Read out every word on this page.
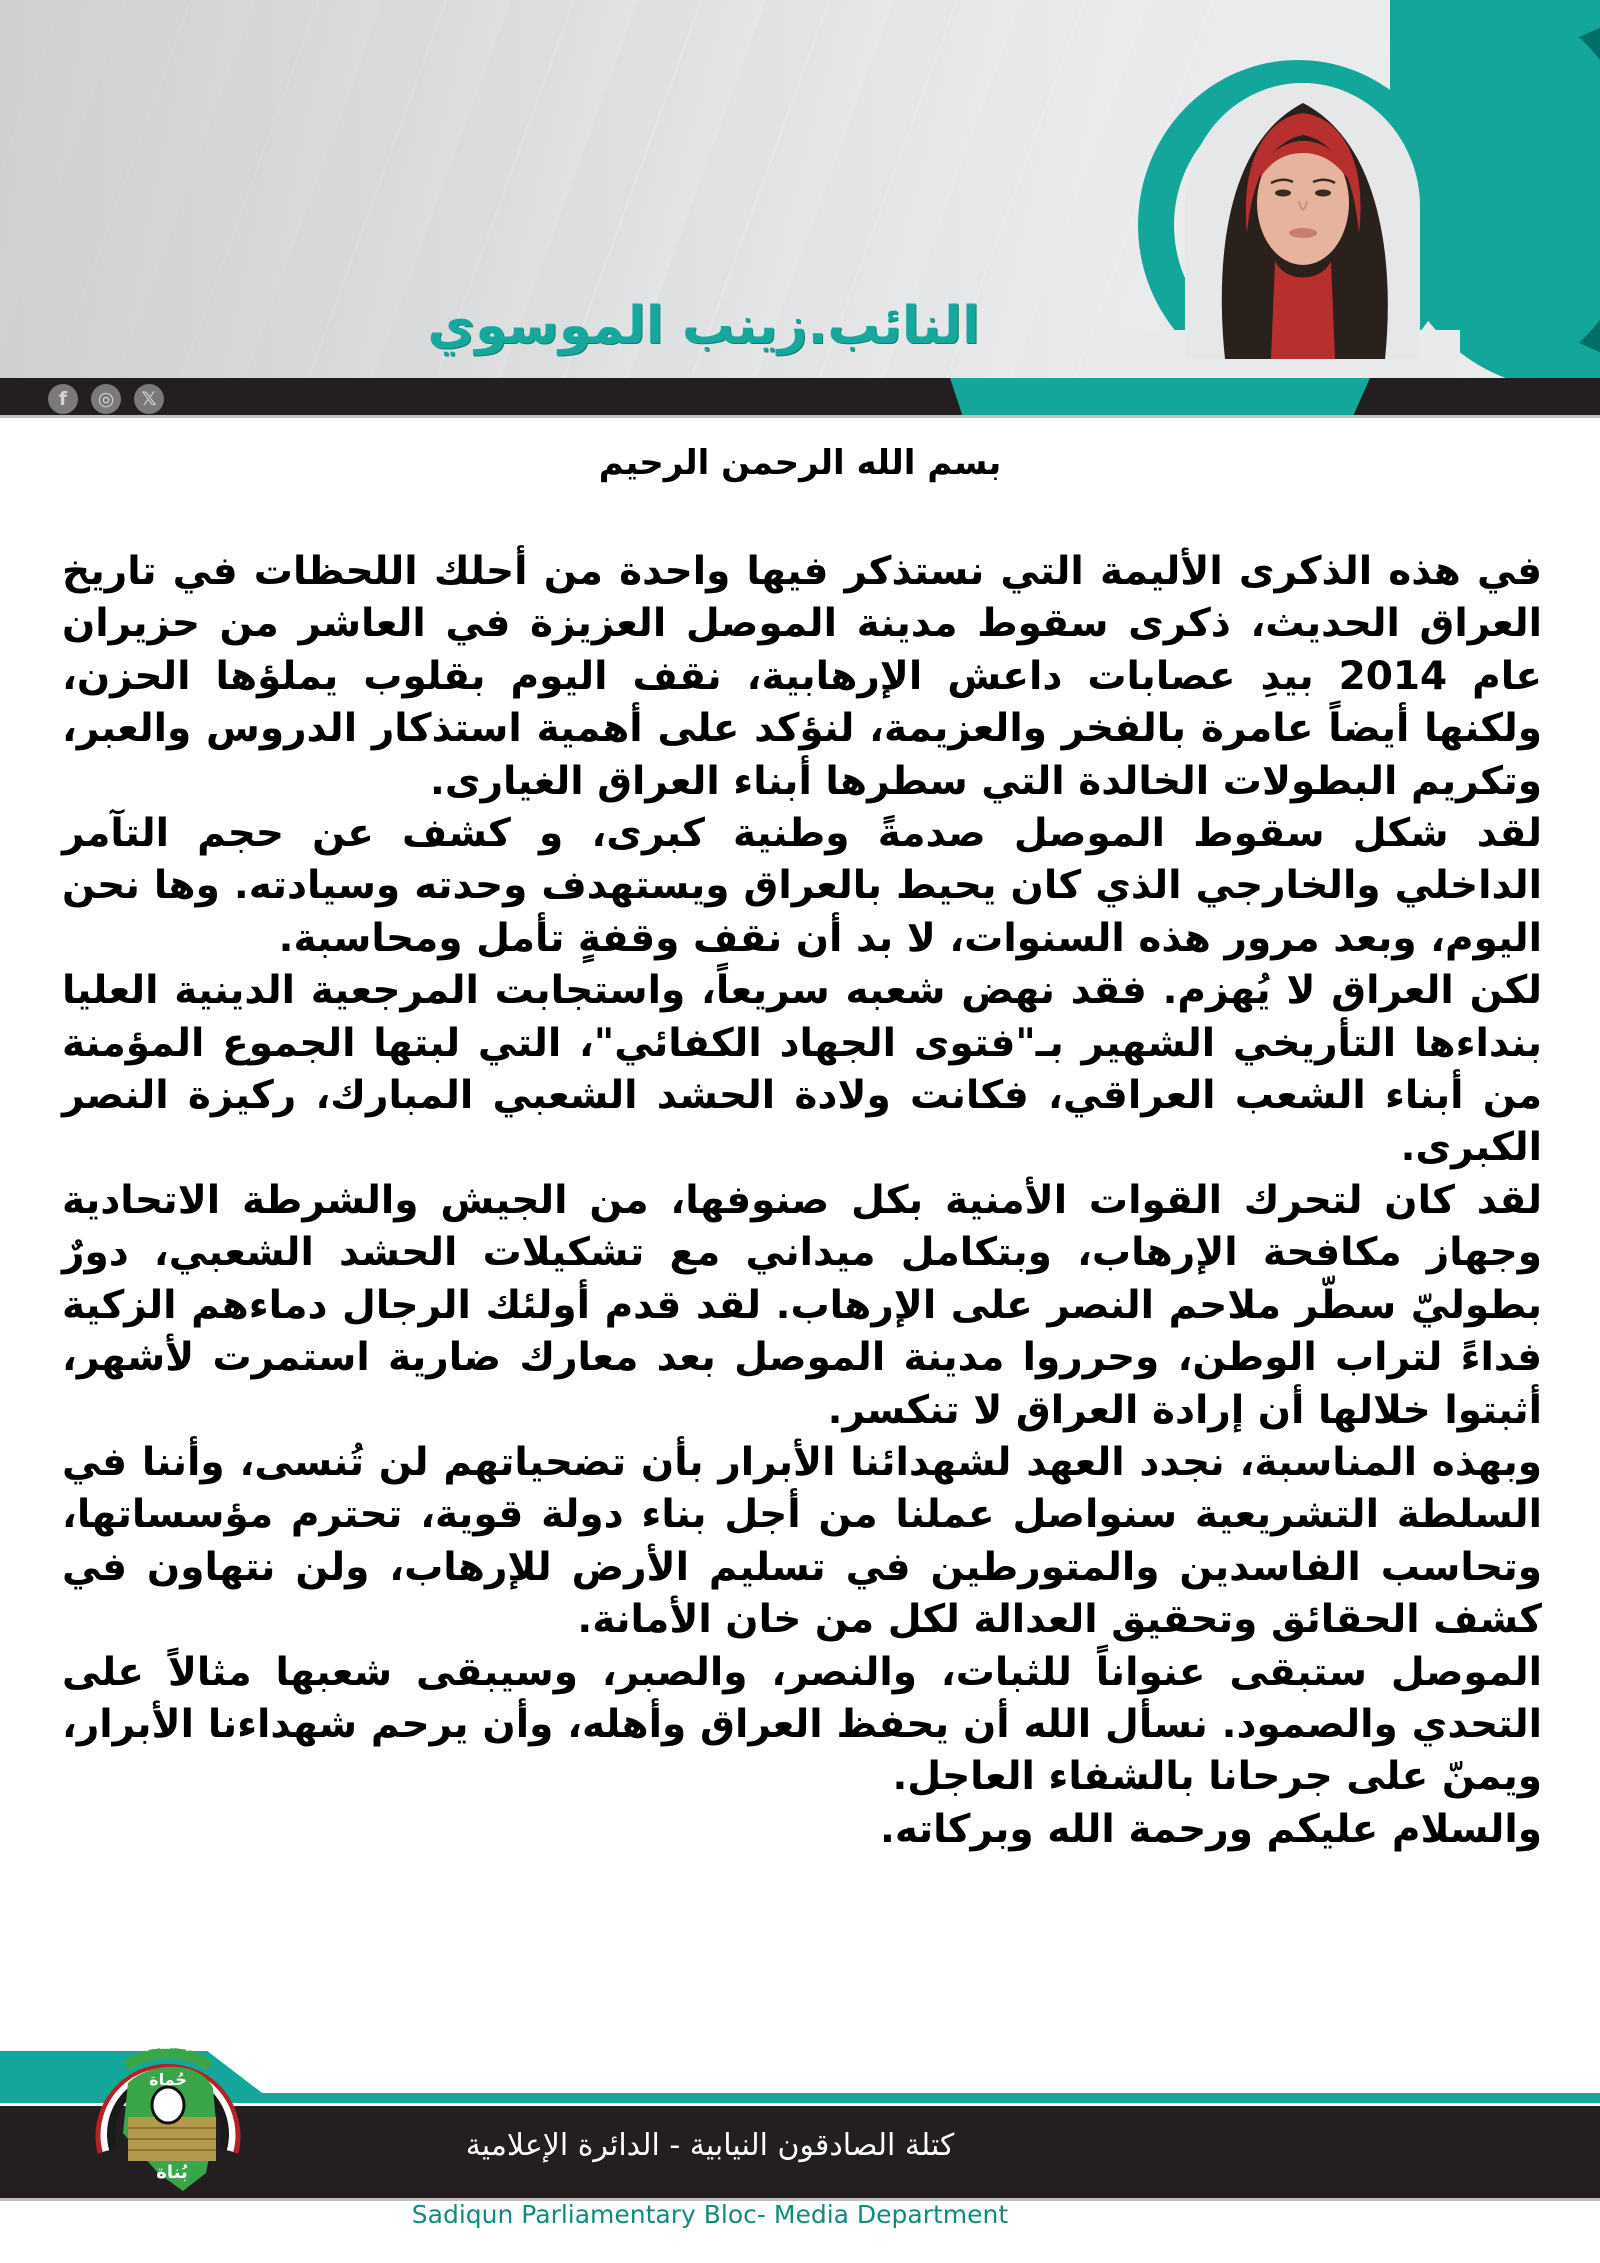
f	◎	𝕏
النائب.زينب الموسوي
بسم الله الرحمن الرحيم

في هذه الذكرى الأليمة التي نستذكر فيها واحدة من أحلك اللحظات في تاريخ العراق الحديث، ذكرى سقوط مدينة الموصل العزيزة في العاشر من حزيران عام 2014 بيدِ عصابات داعش الإرهابية، نقف اليوم بقلوب يملؤها الحزن، ولكنها أيضاً عامرة بالفخر والعزيمة، لنؤكد على أهمية استذكار الدروس والعبر، وتكريم البطولات الخالدة التي سطرها أبناء العراق الغيارى.

لقد شكل سقوط الموصل صدمةً وطنية كبرى، و كشف عن حجم التآمر الداخلي والخارجي الذي كان يحيط بالعراق ويستهدف وحدته وسيادته. وها نحن اليوم، وبعد مرور هذه السنوات، لا بد أن نقف وقفةٍ تأمل ومحاسبة.

لكن العراق لا يُهزم. فقد نهض شعبه سريعاً، واستجابت المرجعية الدينية العليا بنداءها التأريخي الشهير بـ"فتوى الجهاد الكفائي"، التي لبتها الجموع المؤمنة من أبناء الشعب العراقي، فكانت ولادة الحشد الشعبي المبارك، ركيزة النصر الكبرى.

لقد كان لتحرك القوات الأمنية بكل صنوفها، من الجيش والشرطة الاتحادية وجهاز مكافحة الإرهاب، وبتكامل ميداني مع تشكيلات الحشد الشعبي، دورٌ بطوليّ سطّر ملاحم النصر على الإرهاب. لقد قدم أولئك الرجال دماءهم الزكية فداءً لتراب الوطن، وحرروا مدينة الموصل بعد معارك ضارية استمرت لأشهر، أثبتوا خلالها أن إرادة العراق لا تنكسر.

وبهذه المناسبة، نجدد العهد لشهدائنا الأبرار بأن تضحياتهم لن تُنسى، وأننا في السلطة التشريعية سنواصل عملنا من أجل بناء دولة قوية، تحترم مؤسساتها، وتحاسب الفاسدين والمتورطين في تسليم الأرض للإرهاب، ولن نتهاون في كشف الحقائق وتحقيق العدالة لكل من خان الأمانة.

الموصل ستبقى عنواناً للثبات، والنصر، والصبر، وسيبقى شعبها مثالاً على التحدي والصمود. نسأل الله أن يحفظ العراق وأهله، وأن يرحم شهداءنا الأبرار، ويمنّ على جرحانا بالشفاء العاجل.

والسلام عليكم ورحمة الله وبركاته.

كتلة الصادقون النيابية - الدائرة الإعلامية
Sadiqun Parliamentary Bloc- Media Department
حُماة
بُناة
حركة الصادقون
